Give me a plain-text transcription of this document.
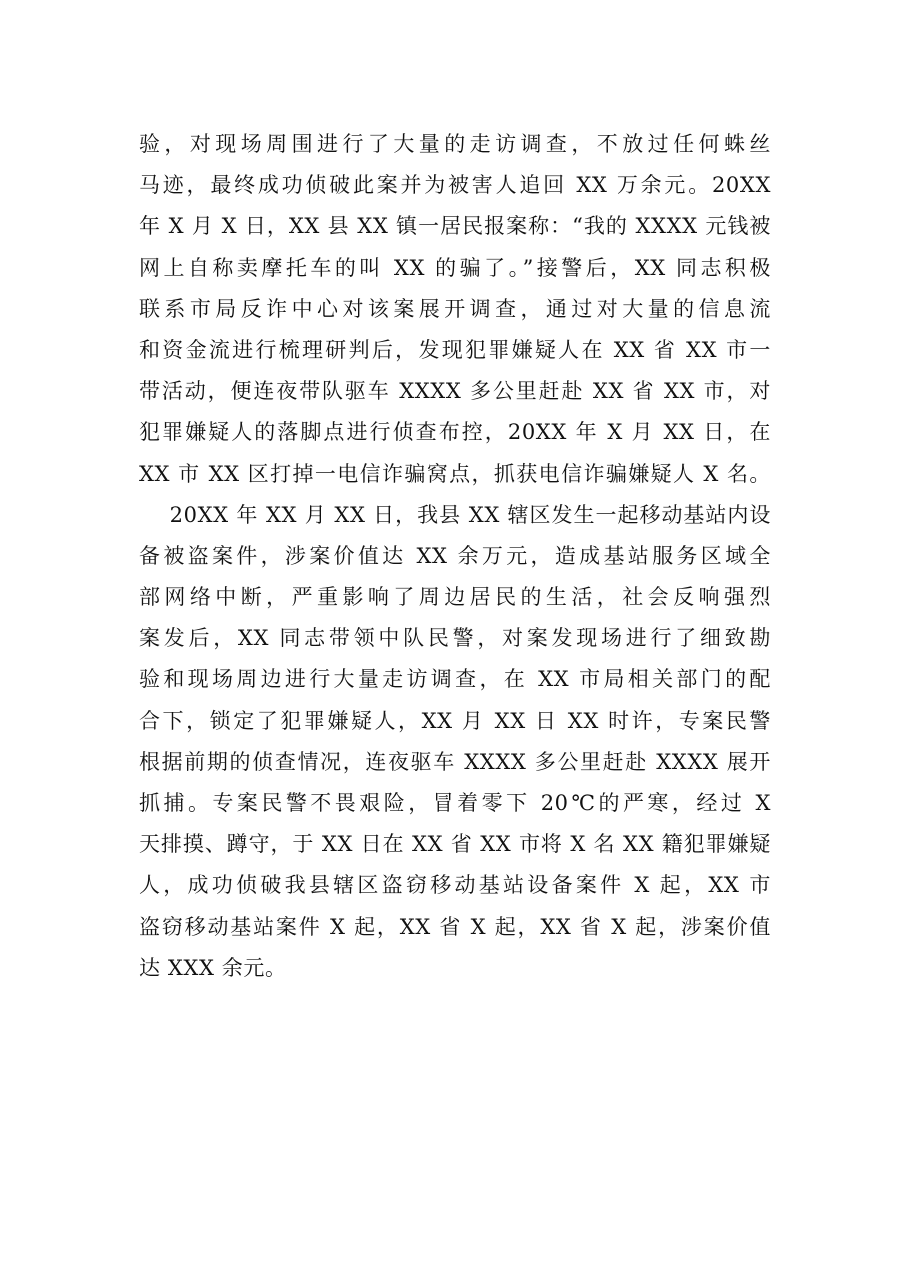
验，对现场周围进行了大量的走访调查，不放过任何蛛丝
马迹，最终成功侦破此案并为被害人追回 XX 万余元。20XX
年 X 月 X 日，XX 县 XX 镇一居民报案称：“我的 XXXX 元钱被
网上自称卖摩托车的叫 XX 的骗了。”接警后，XX 同志积极
联系市局反诈中心对该案展开调查，通过对大量的信息流
和资金流进行梳理研判后，发现犯罪嫌疑人在 XX 省 XX 市一
带活动，便连夜带队驱车 XXXX 多公里赶赴 XX 省 XX 市，对
犯罪嫌疑人的落脚点进行侦查布控，20XX 年 X 月 XX 日，在
XX 市 XX 区打掉一电信诈骗窝点，抓获电信诈骗嫌疑人 X 名。
20XX 年 XX 月 XX 日，我县 XX 辖区发生一起移动基站内设
备被盗案件，涉案价值达 XX 余万元，造成基站服务区域全
部网络中断，严重影响了周边居民的生活，社会反响强烈
案发后，XX 同志带领中队民警，对案发现场进行了细致勘
验和现场周边进行大量走访调查，在 XX 市局相关部门的配
合下，锁定了犯罪嫌疑人，XX 月 XX 日 XX 时许，专案民警
根据前期的侦查情况，连夜驱车 XXXX 多公里赶赴 XXXX 展开
抓捕。专案民警不畏艰险，冒着零下 20℃的严寒，经过 X
天排摸、蹲守，于 XX 日在 XX 省 XX 市将 X 名 XX 籍犯罪嫌疑
人，成功侦破我县辖区盗窃移动基站设备案件 X 起，XX 市
盗窃移动基站案件 X 起，XX 省 X 起，XX 省 X 起，涉案价值
达 XXX 余元。
